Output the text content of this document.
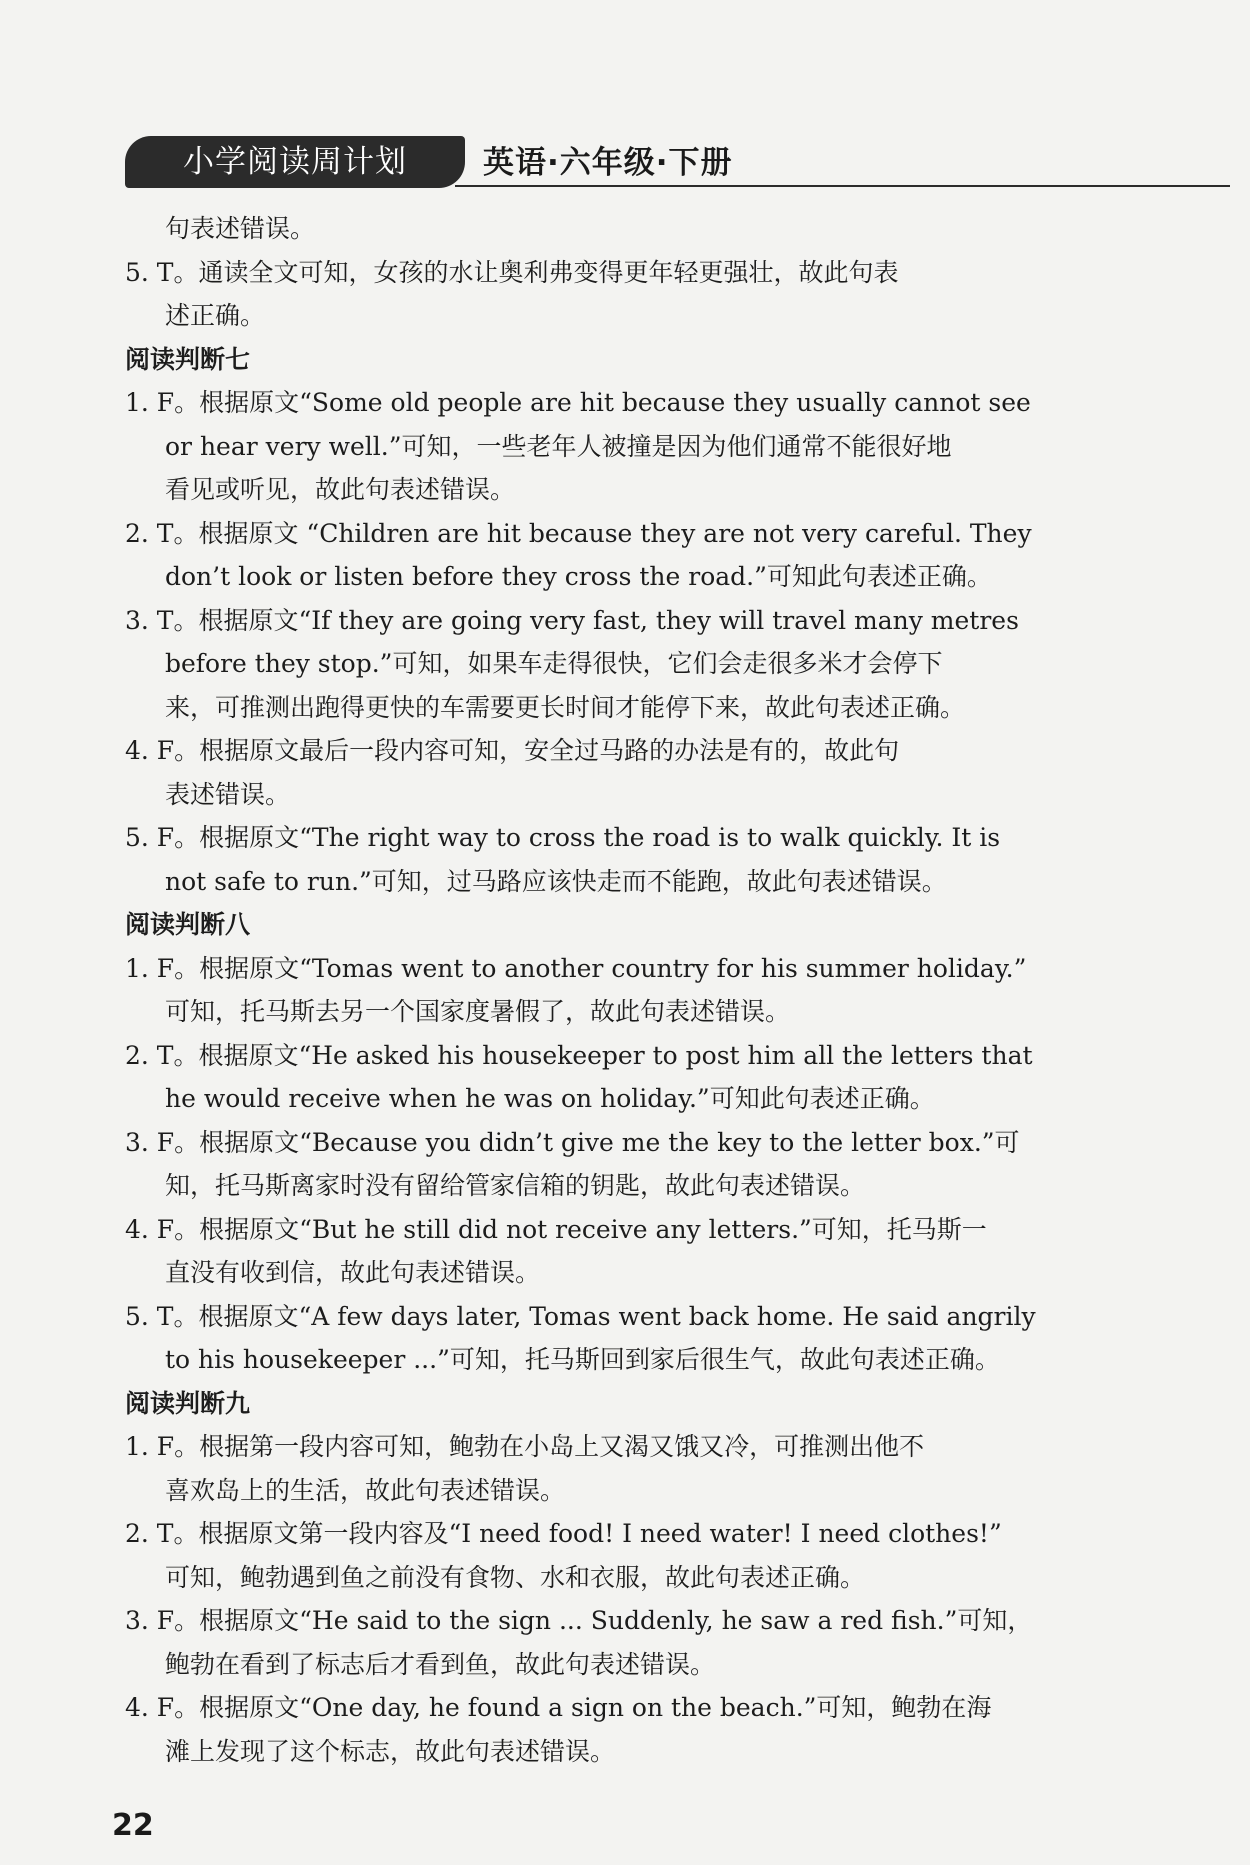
小学阅读周计划	英语·六年级·下册
句表述错误。
5. T。通读全文可知，女孩的水让奥利弗变得更年轻更强壮，故此句表
述正确。
阅读判断七
1. F。根据原文“Some old people are hit because they usually cannot see
or hear very well.”可知，一些老年人被撞是因为他们通常不能很好地
看见或听见，故此句表述错误。
2. T。根据原文 “Children are hit because they are not very careful. They
don’t look or listen before they cross the road.”可知此句表述正确。
3. T。根据原文“If they are going very fast, they will travel many metres
before they stop.”可知，如果车走得很快，它们会走很多米才会停下
来，可推测出跑得更快的车需要更长时间才能停下来，故此句表述正确。
4. F。根据原文最后一段内容可知，安全过马路的办法是有的，故此句
表述错误。
5. F。根据原文“The right way to cross the road is to walk quickly. It is
not safe to run.”可知，过马路应该快走而不能跑，故此句表述错误。
阅读判断八
1. F。根据原文“Tomas went to another country for his summer holiday.”
可知，托马斯去另一个国家度暑假了，故此句表述错误。
2. T。根据原文“He asked his housekeeper to post him all the letters that
he would receive when he was on holiday.”可知此句表述正确。
3. F。根据原文“Because you didn’t give me the key to the letter box.”可
知，托马斯离家时没有留给管家信箱的钥匙，故此句表述错误。
4. F。根据原文“But he still did not receive any letters.”可知，托马斯一
直没有收到信，故此句表述错误。
5. T。根据原文“A few days later, Tomas went back home. He said angrily
to his housekeeper ...”可知，托马斯回到家后很生气，故此句表述正确。
阅读判断九
1. F。根据第一段内容可知，鲍勃在小岛上又渴又饿又冷，可推测出他不
喜欢岛上的生活，故此句表述错误。
2. T。根据原文第一段内容及“I need food! I need water! I need clothes!”
可知，鲍勃遇到鱼之前没有食物、水和衣服，故此句表述正确。
3. F。根据原文“He said to the sign ... Suddenly, he saw a red fish.”可知，
鲍勃在看到了标志后才看到鱼，故此句表述错误。
4. F。根据原文“One day, he found a sign on the beach.”可知，鲍勃在海
滩上发现了这个标志，故此句表述错误。
22
